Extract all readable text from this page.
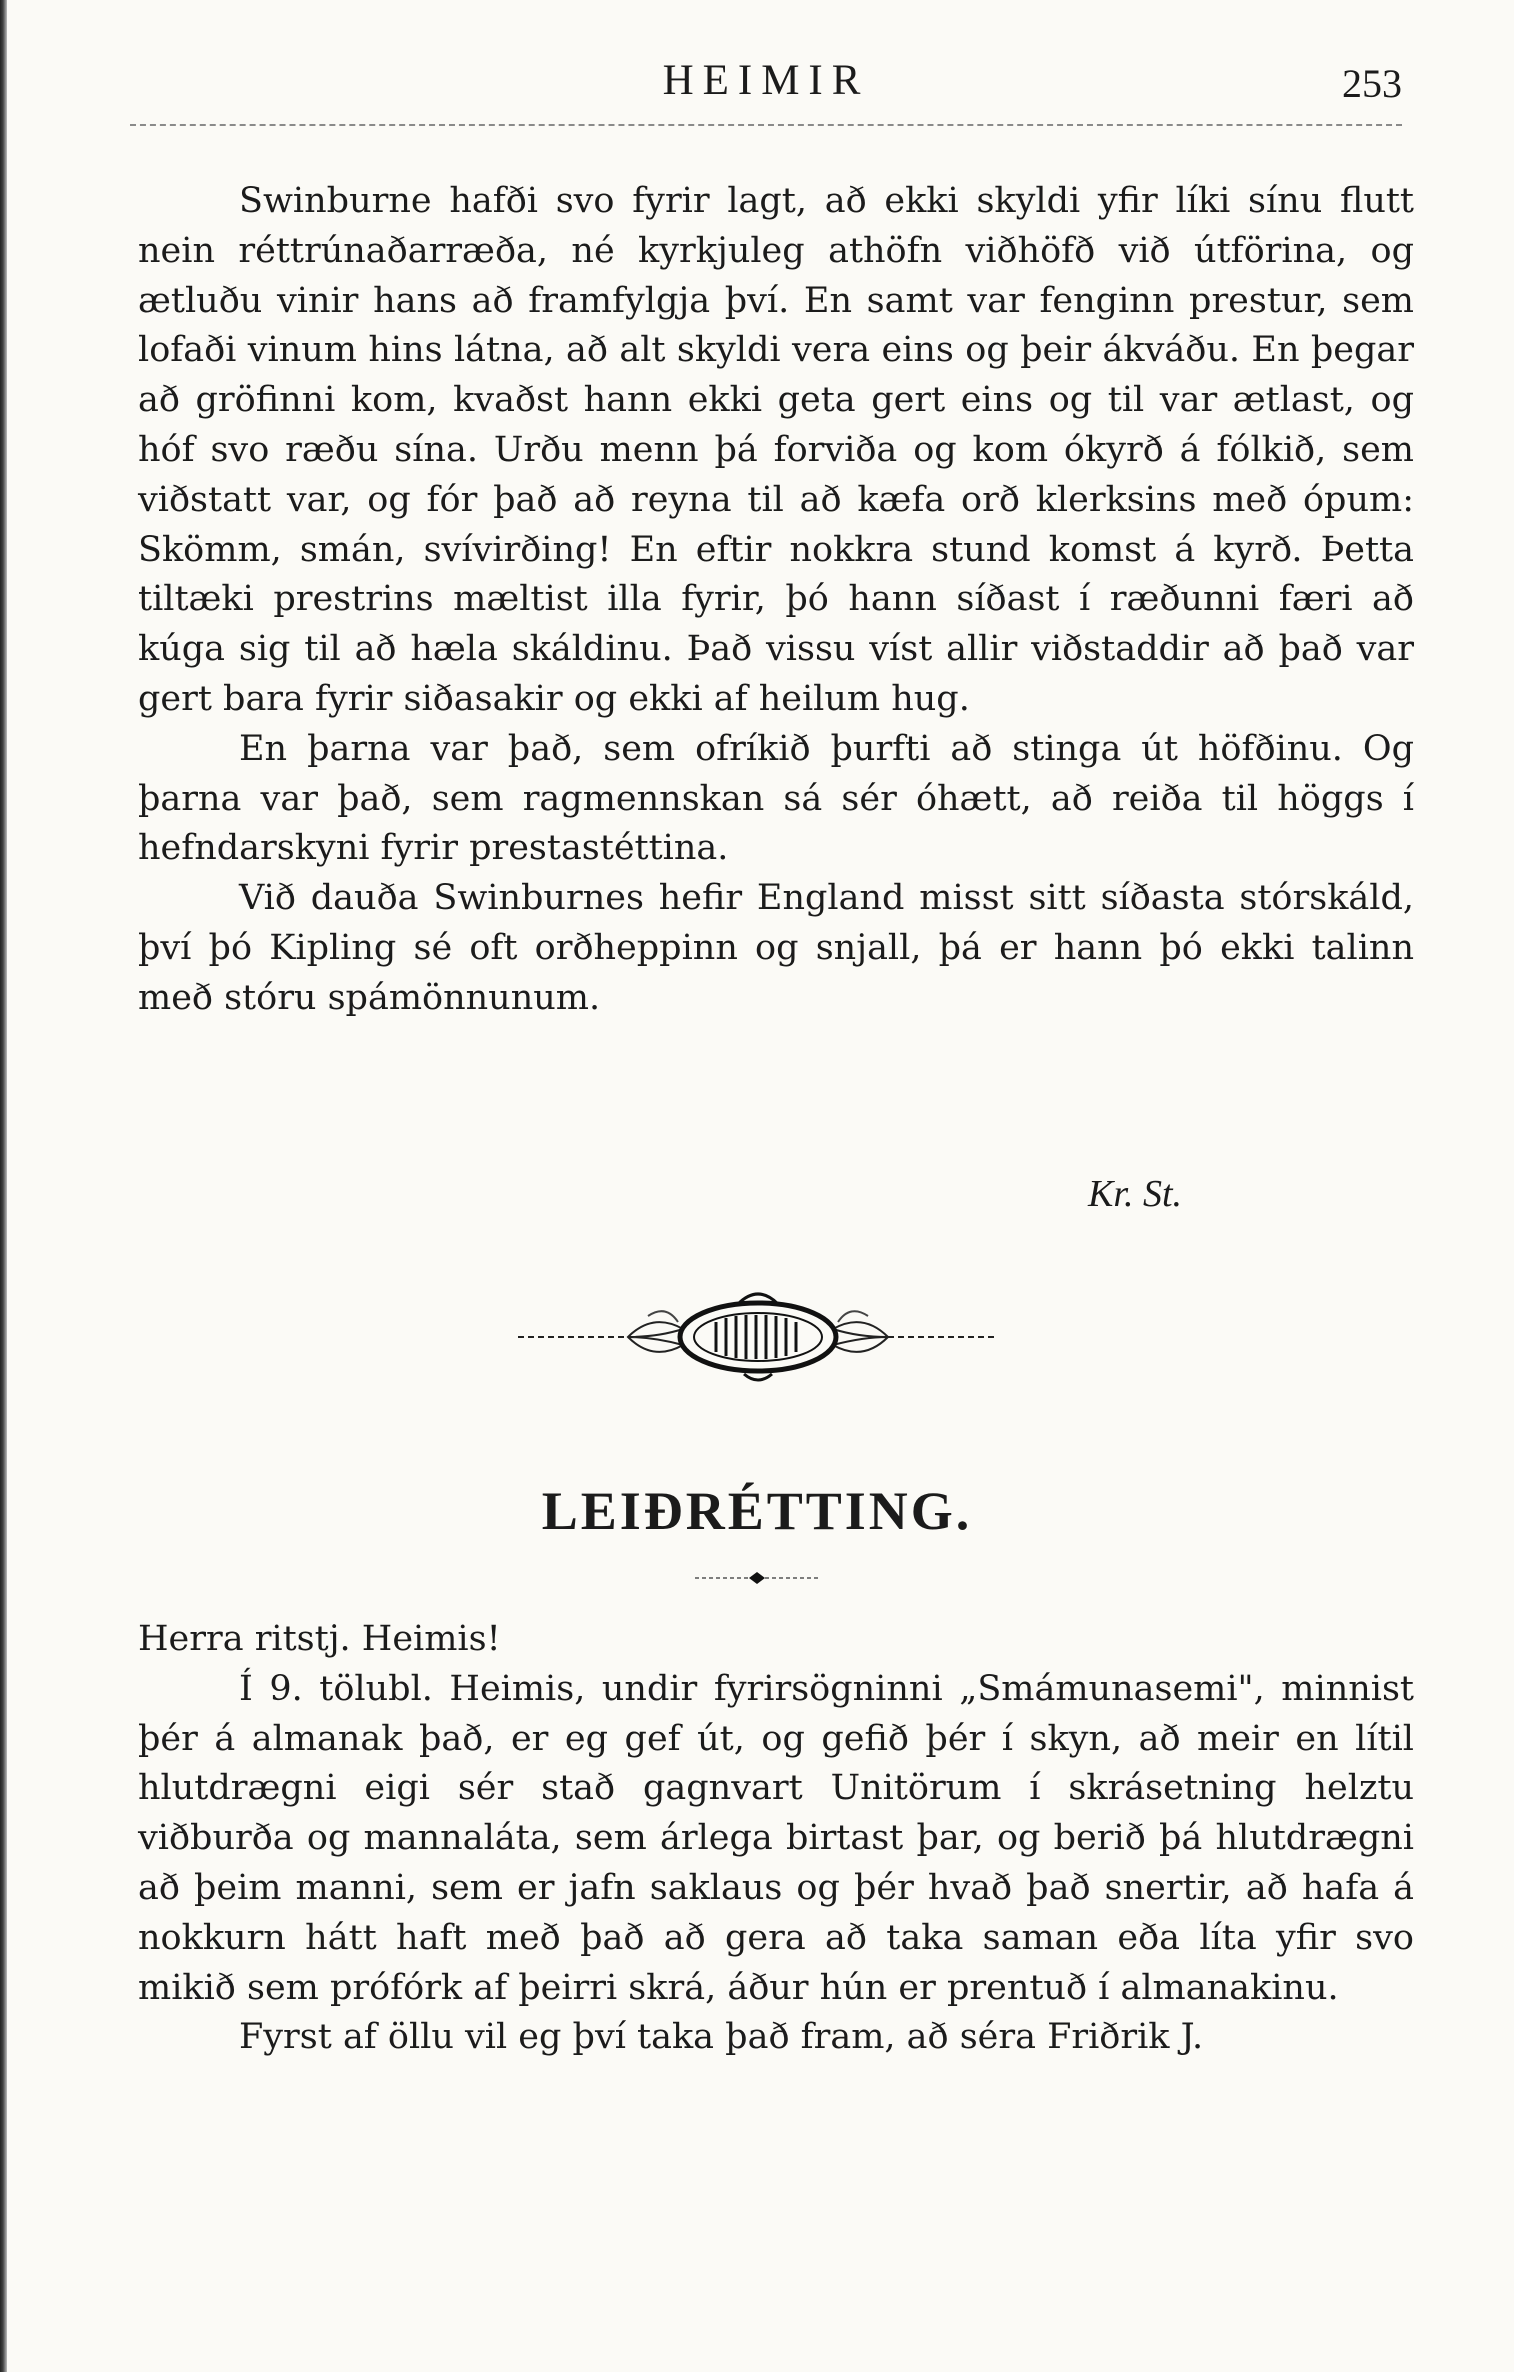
HEIMIR	253

Swinburne hafði svo fyrir lagt, að ekki skyldi yfir líki sínu flutt nein réttrúnaðarræða, né kyrkjuleg athöfn viðhöfð við útförina, og ætluðu vinir hans að framfylgja því. En samt var fenginn prestur, sem lofaði vinum hins látna, að alt skyldi vera eins og þeir ákváðu. En þegar að gröfinni kom, kvaðst hann ekki geta gert eins og til var ætlast, og hóf svo ræðu sína. Urðu menn þá forviða og kom ókyrð á fólkið, sem viðstatt var, og fór það að reyna til að kæfa orð klerksins með ópum: Skömm, smán, svívirðing! En eftir nokkra stund komst á kyrð. Þetta tiltæki prestrins mæltist illa fyrir, þó hann síðast í ræðunni færi að kúga sig til að hæla skáldinu. Það vissu víst allir viðstaddir að það var gert bara fyrir siðasakir og ekki af heilum hug.

En þarna var það, sem ofríkið þurfti að stinga út höfðinu. Og þarna var það, sem ragmennskan sá sér óhætt, að reiða til höggs í hefndarskyni fyrir prestastéttina.

Við dauða Swinburnes hefir England misst sitt síðasta stórskáld, því þó Kipling sé oft orðheppinn og snjall, þá er hann þó ekki talinn með stóru spámönnunum.

Kr. St.
LEIÐRÉTTING.

Herra ritstj. Heimis!

Í 9. tölubl. Heimis, undir fyrirsögninni „Smámunasemi", minnist þér á almanak það, er eg gef út, og gefið þér í skyn, að meir en lítil hlutdrægni eigi sér stað gagnvart Unitörum í skrásetning helztu viðburða og mannaláta, sem árlega birtast þar, og berið þá hlutdrægni að þeim manni, sem er jafn saklaus og þér hvað það snertir, að hafa á nokkurn hátt haft með það að gera að taka saman eða líta yfir svo mikið sem prófórk af þeirri skrá, áður hún er prentuð í almanakinu.

Fyrst af öllu vil eg því taka það fram, að séra Friðrik J.
